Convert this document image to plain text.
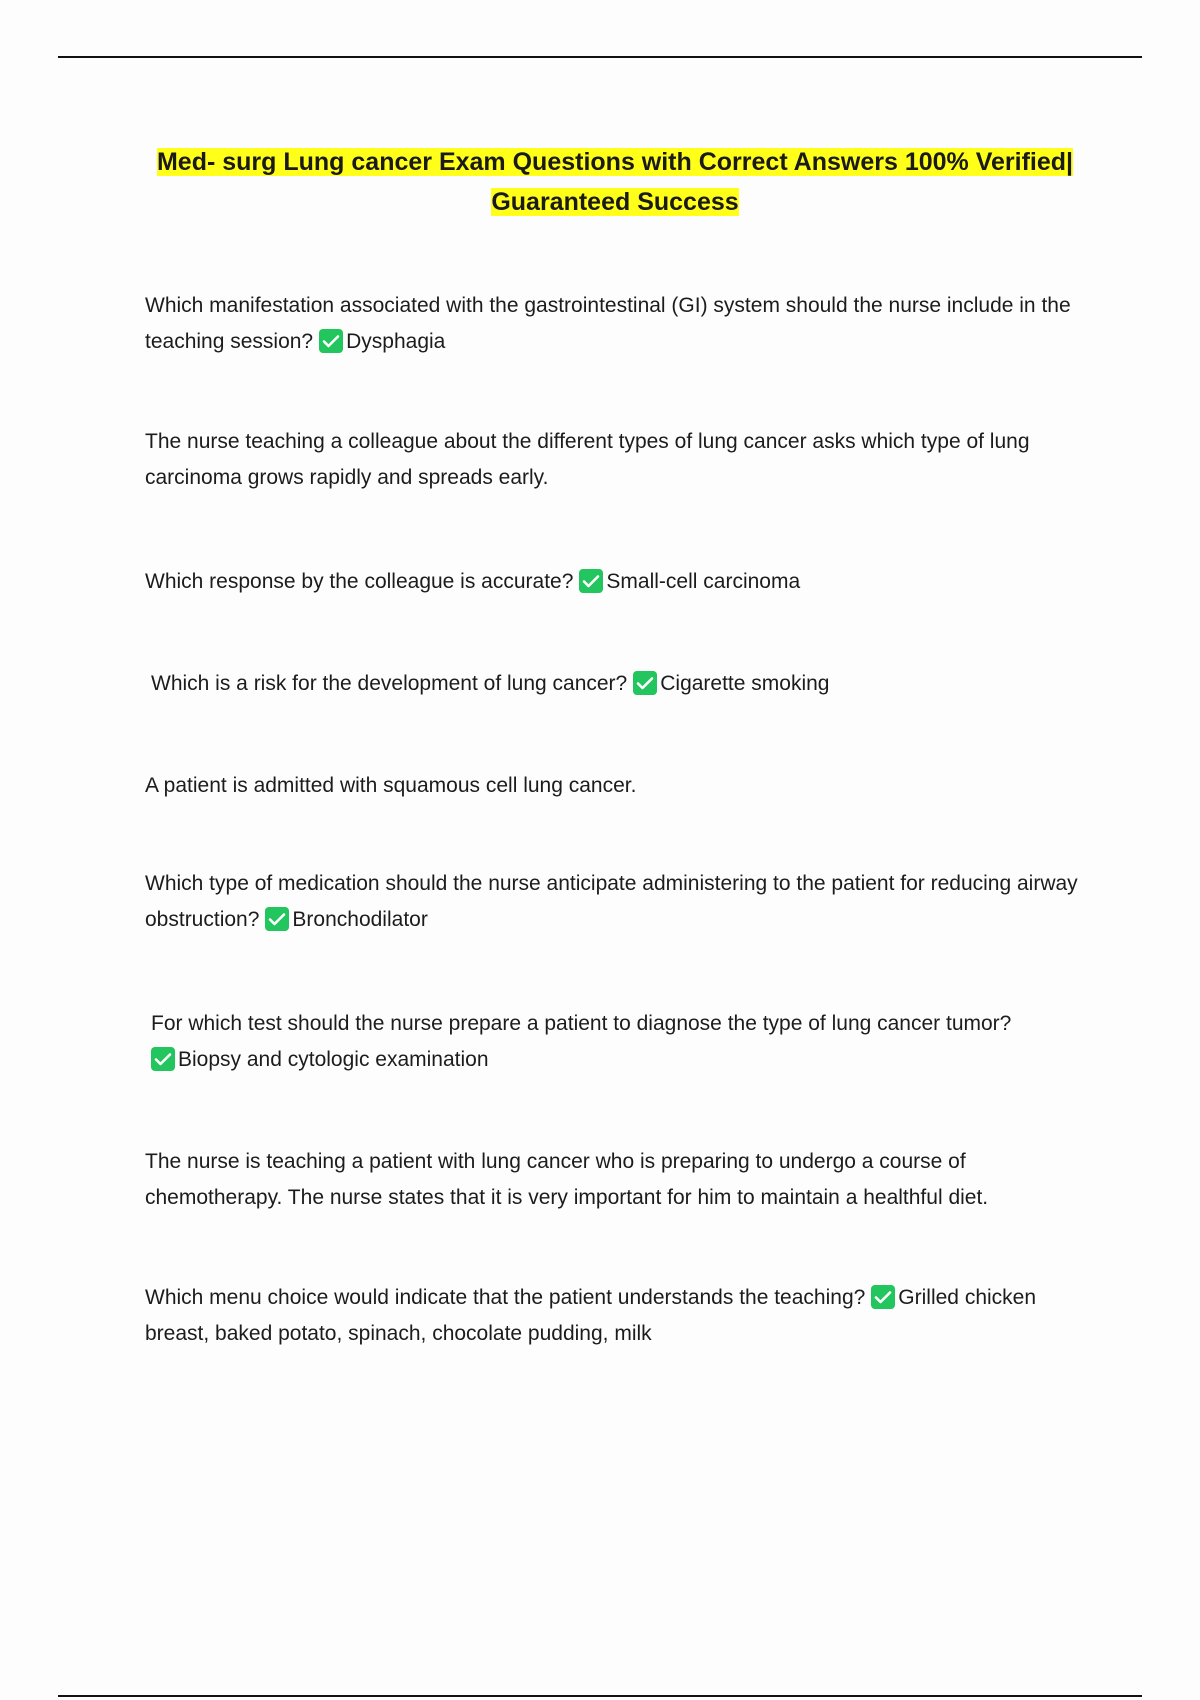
Med- surg Lung cancer Exam Questions with Correct Answers 100% Verified| Guaranteed Success
Which manifestation associated with the gastrointestinal (GI) system should the nurse include in the teaching session? Dysphagia
The nurse teaching a colleague about the different types of lung cancer asks which type of lung carcinoma grows rapidly and spreads early.
Which response by the colleague is accurate? Small-cell carcinoma
Which is a risk for the development of lung cancer? Cigarette smoking
A patient is admitted with squamous cell lung cancer.
Which type of medication should the nurse anticipate administering to the patient for reducing airway obstruction? Bronchodilator
For which test should the nurse prepare a patient to diagnose the type of lung cancer tumor?

Biopsy and cytologic examination
The nurse is teaching a patient with lung cancer who is preparing to undergo a course of chemotherapy. The nurse states that it is very important for him to maintain a healthful diet.
Which menu choice would indicate that the patient understands the teaching? Grilled chicken breast, baked potato, spinach, chocolate pudding, milk
